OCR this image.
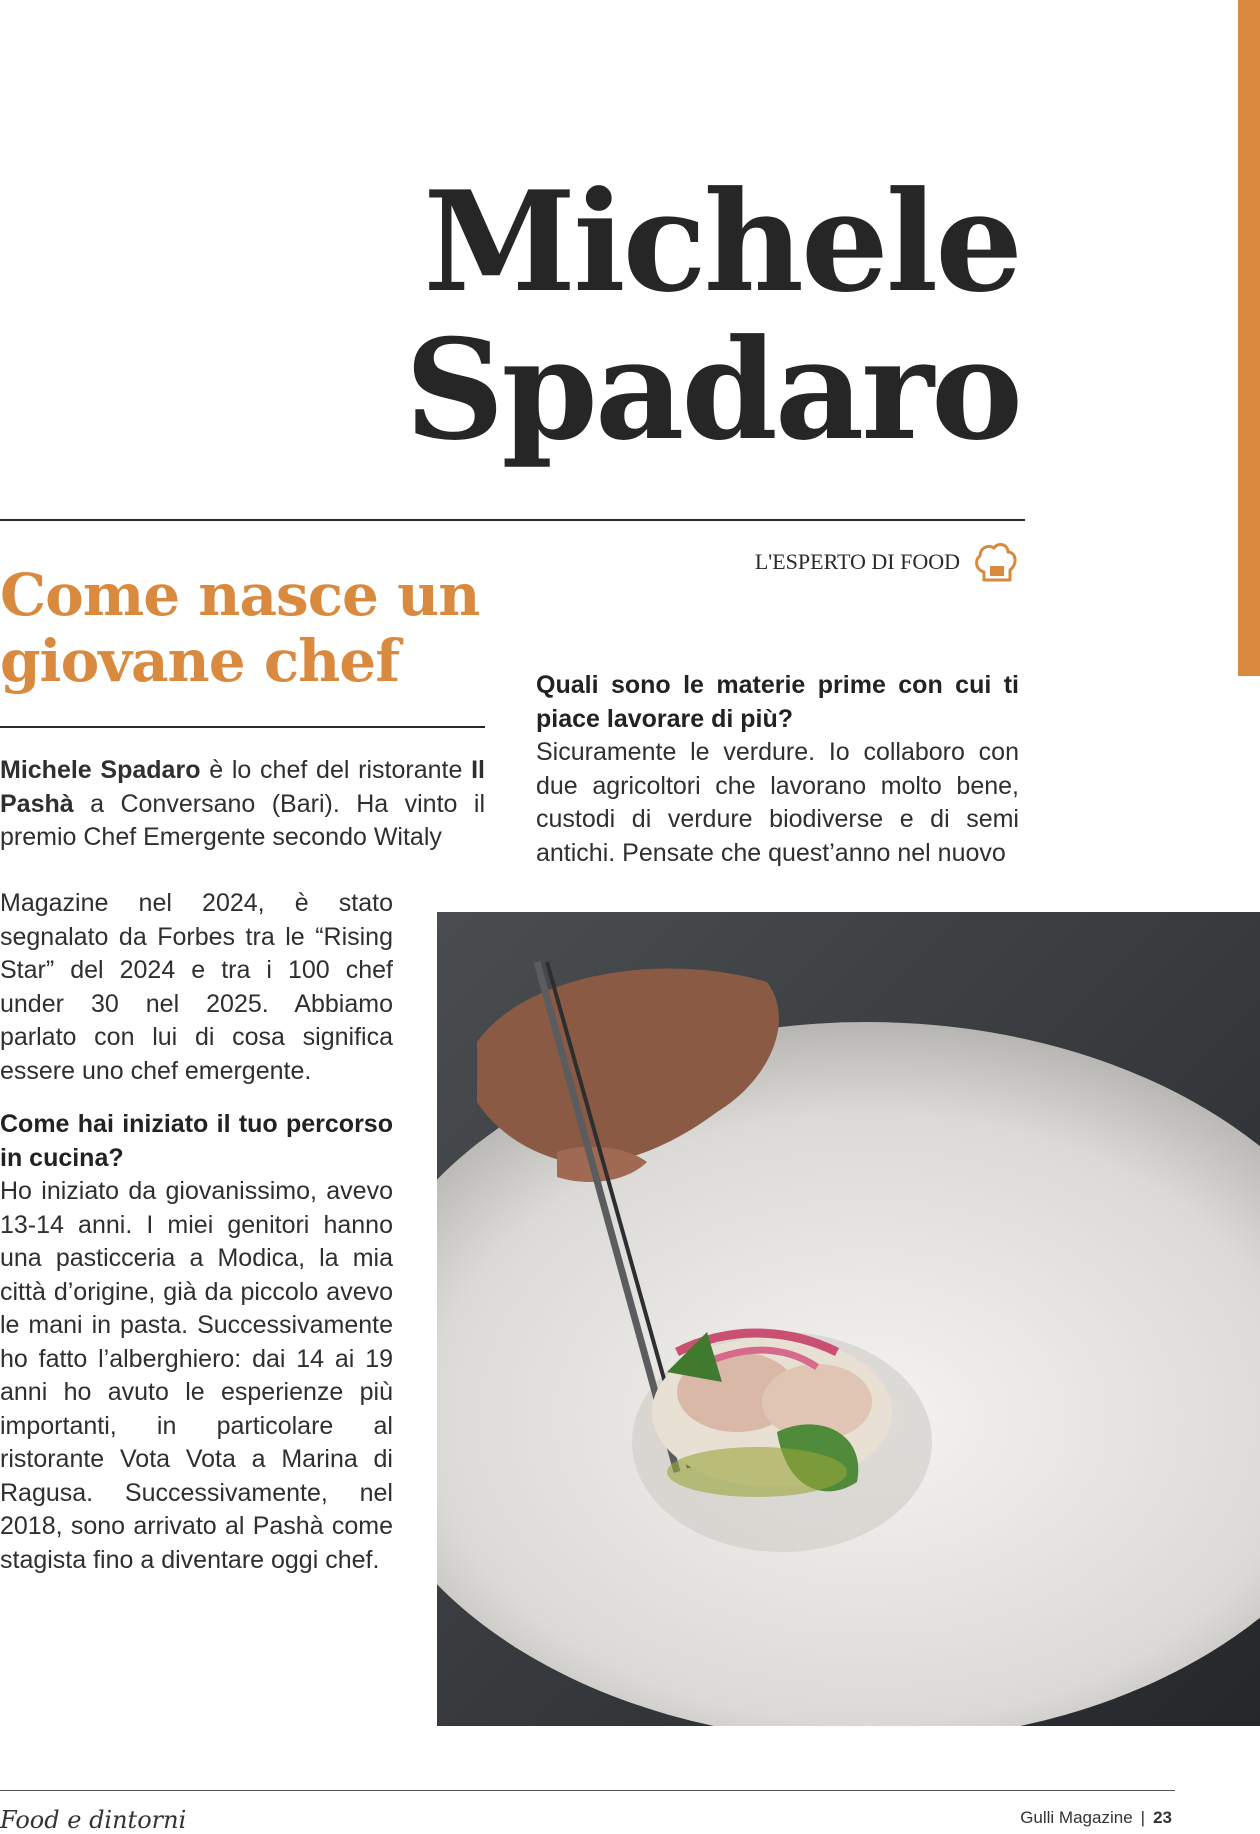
Michele
Spadaro
L'ESPERTO DI FOOD
Come nasce un
giovane chef

Michele Spadaro è lo chef del ristorante Il Pashà a Conversano (Bari). Ha vinto il premio Chef Emergente secondo Witaly

Magazine nel 2024, è stato segnalato da Forbes tra le “Rising Star” del 2024 e tra i 100 chef under 30 nel 2025. Abbiamo parlato con lui di cosa significa essere uno chef emergente.

Come hai iniziato il tuo percorso in cucina?

Ho iniziato da giovanissimo, avevo 13-14 anni. I miei genitori hanno una pasticceria a Modica, la mia città d’origine, già da piccolo avevo le mani in pasta. Successivamente ho fatto l’alberghiero: dai 14 ai 19 anni ho avuto le esperienze più importanti, in particolare al ristorante Vota Vota a Marina di Ragusa. Successivamente, nel 2018, sono arrivato al Pashà come stagista fino a diventare oggi chef.

Quali sono le materie prime con cui ti piace lavorare di più?

Sicuramente le verdure. Io collaboro con due agricoltori che lavorano molto bene, custodi di verdure biodiverse e di semi antichi. Pensate che quest’anno nel nuovo

Food e dintorni	Gulli Magazine | 23
